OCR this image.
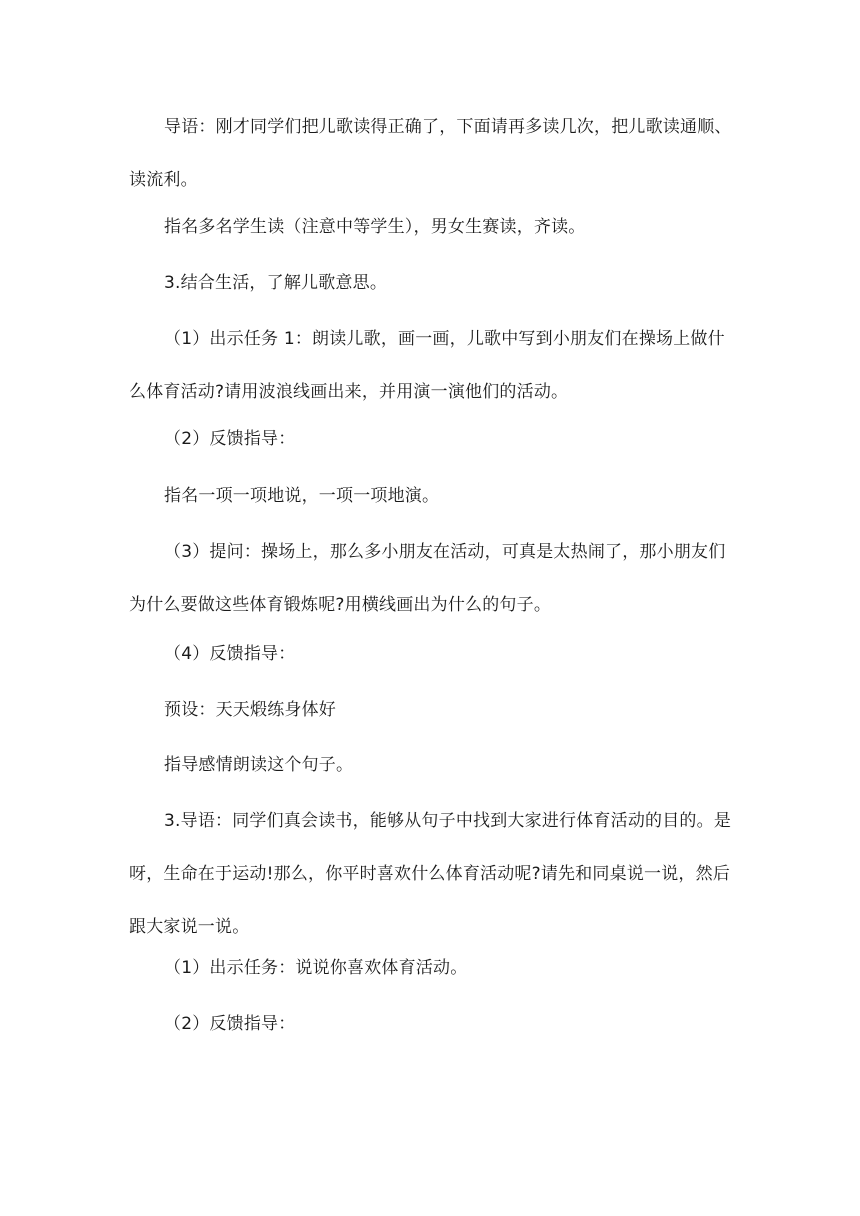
导语：刚才同学们把儿歌读得正确了，下面请再多读几次，把儿歌读通顺、
读流利。
指名多名学生读（注意中等学生），男女生赛读，齐读。
3.结合生活，了解儿歌意思。
（1）出示任务 1：朗读儿歌，画一画，儿歌中写到小朋友们在操场上做什
么体育活动?请用波浪线画出来，并用演一演他们的活动。
（2）反馈指导：
指名一项一项地说，一项一项地演。
（3）提问：操场上，那么多小朋友在活动，可真是太热闹了，那小朋友们
为什么要做这些体育锻炼呢?用横线画出为什么的句子。
（4）反馈指导：
预设：天天煅练身体好
指导感情朗读这个句子。
3.导语：同学们真会读书，能够从句子中找到大家进行体育活动的目的。是
呀，生命在于运动!那么，你平时喜欢什么体育活动呢?请先和同桌说一说，然后
跟大家说一说。
（1）出示任务：说说你喜欢体育活动。
（2）反馈指导：
